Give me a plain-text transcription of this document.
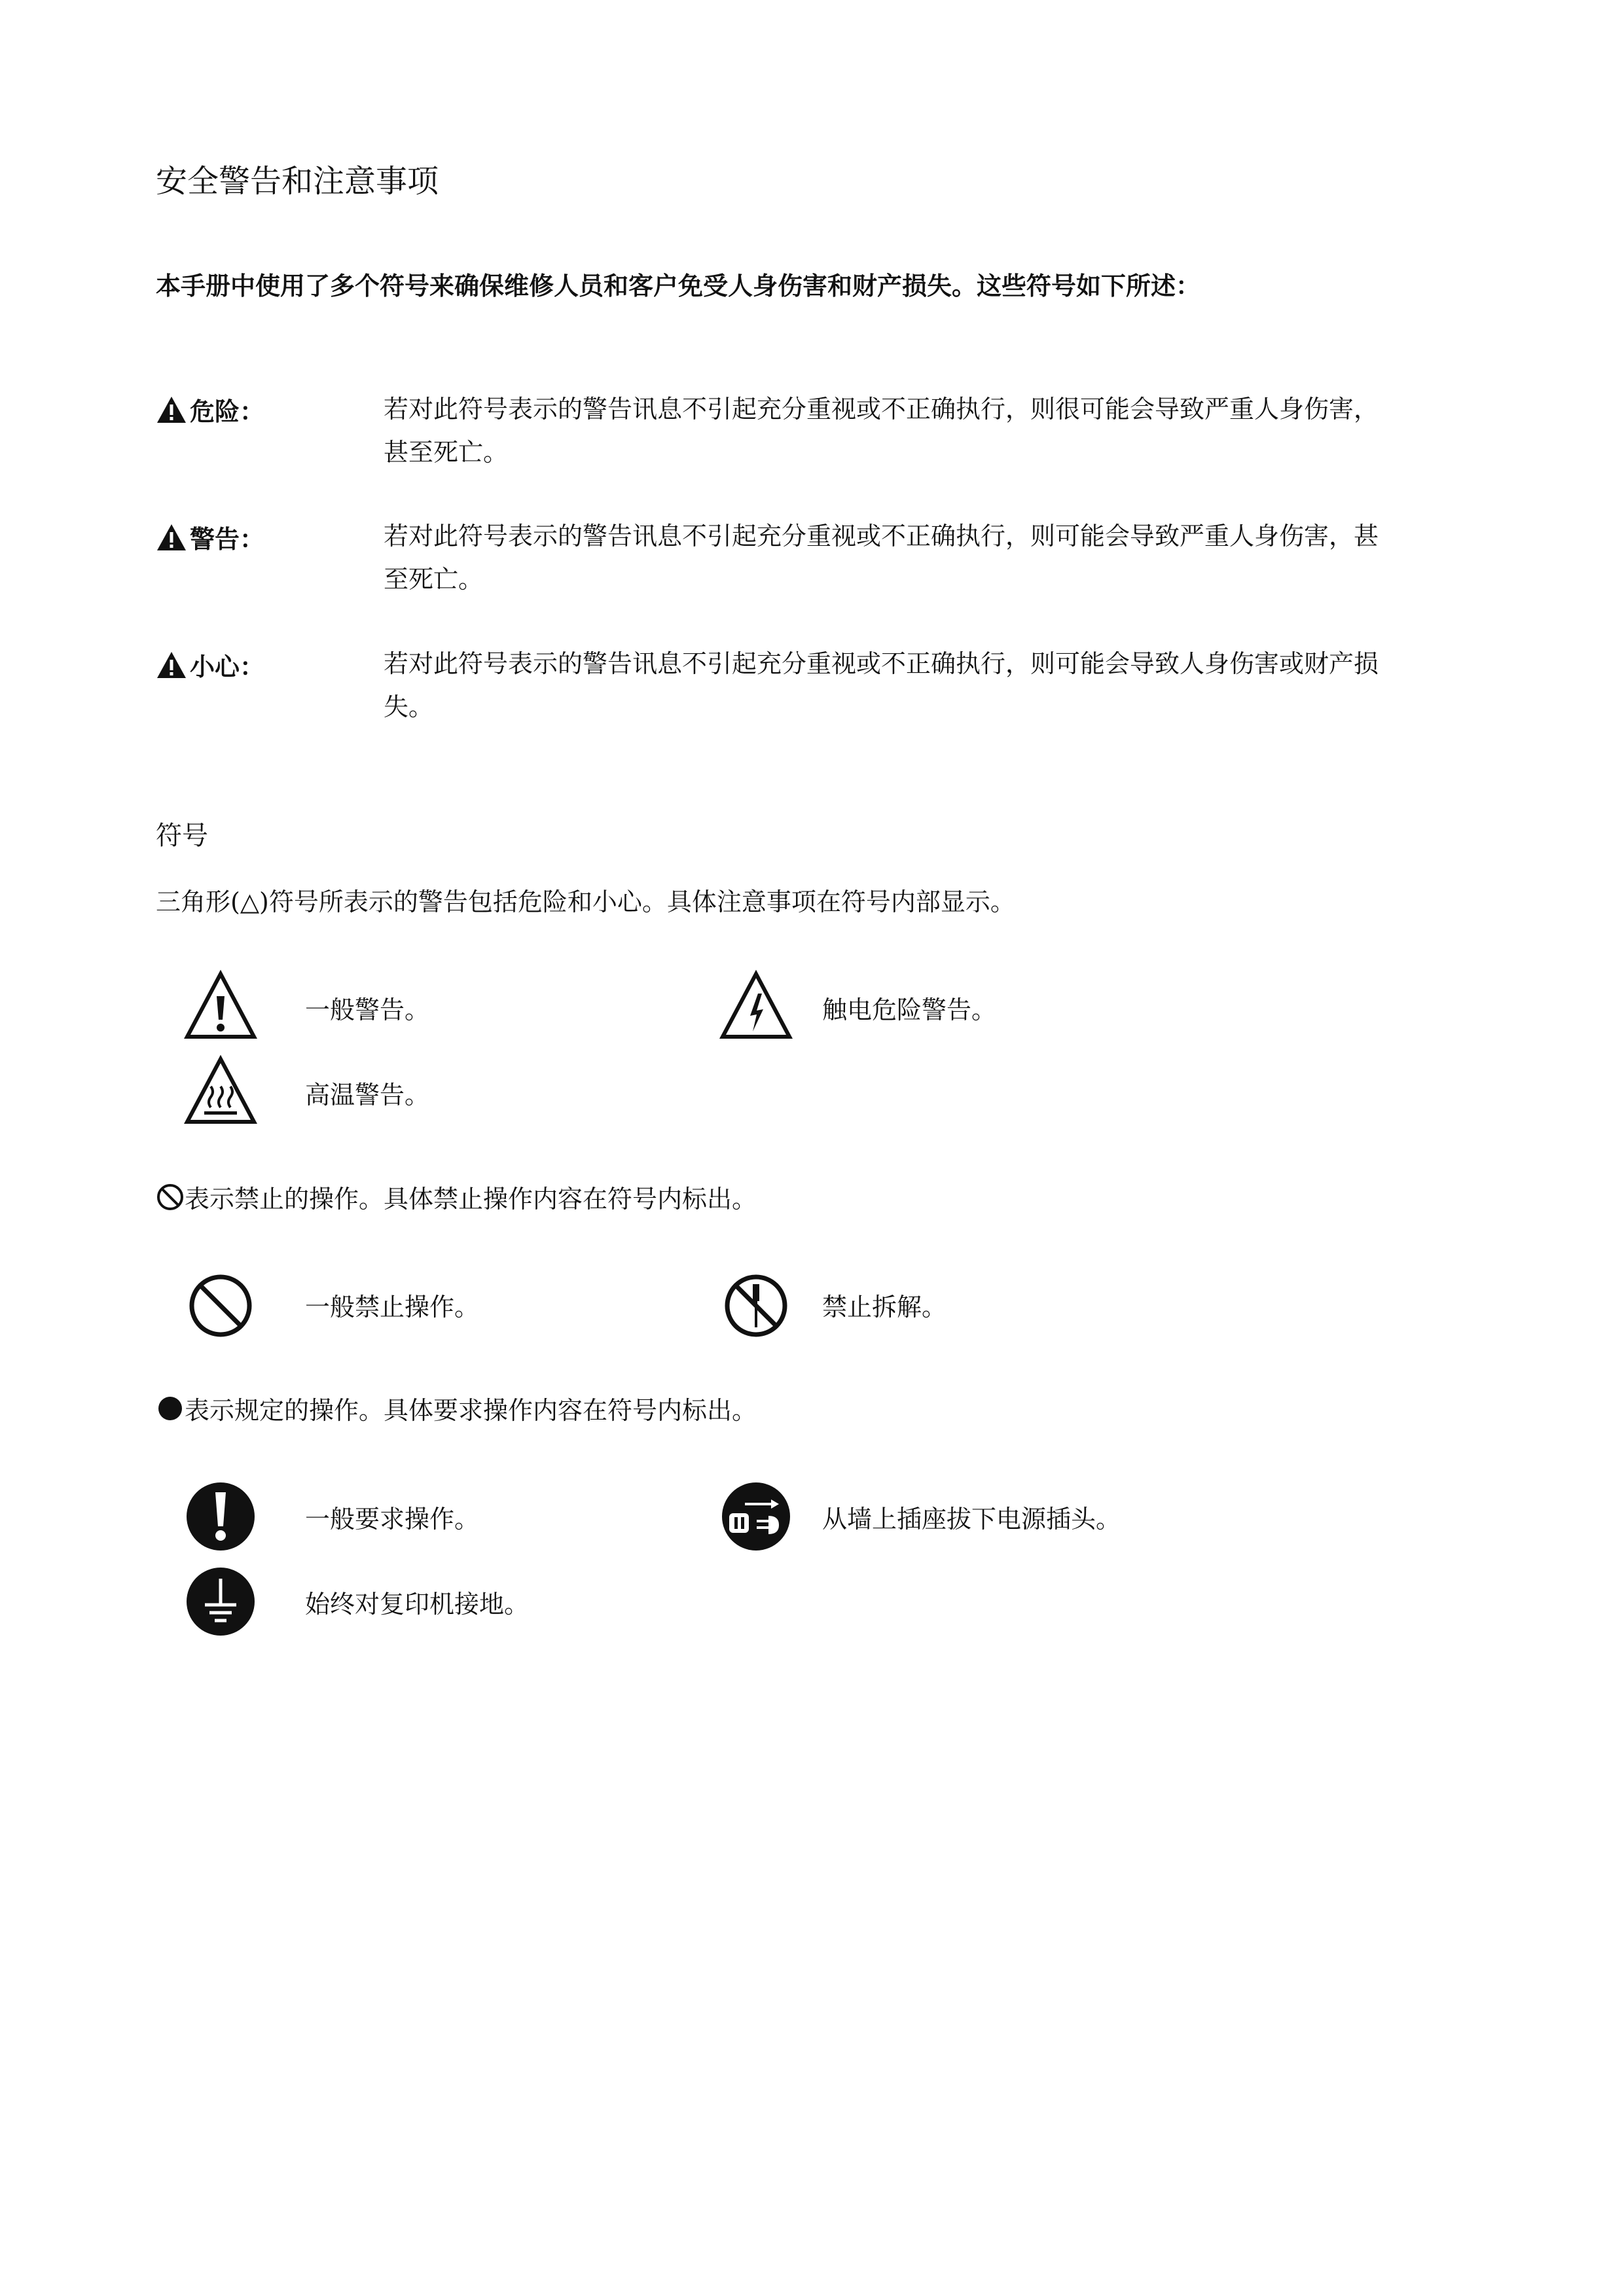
安全警告和注意事项
本手册中使用了多个符号来确保维修人员和客户免受人身伤害和财产损失。这些符号如下所述：
危险：	若对此符号表示的警告讯息不引起充分重视或不正确执行，则很可能会导致严重人身伤害，
甚至死亡。
警告：	若对此符号表示的警告讯息不引起充分重视或不正确执行，则可能会导致严重人身伤害，甚
至死亡。
小心：	若对此符号表示的警告讯息不引起充分重视或不正确执行，则可能会导致人身伤害或财产损
失。
符号
三角形(△)符号所表示的警告包括危险和小心。具体注意事项在符号内部显示。
一般警告。	触电危险警告。
高温警告。
表示禁止的操作。具体禁止操作内容在符号内标出。
一般禁止操作。	禁止拆解。
表示规定的操作。具体要求操作内容在符号内标出。
一般要求操作。	从墙上插座拔下电源插头。
始终对复印机接地。
